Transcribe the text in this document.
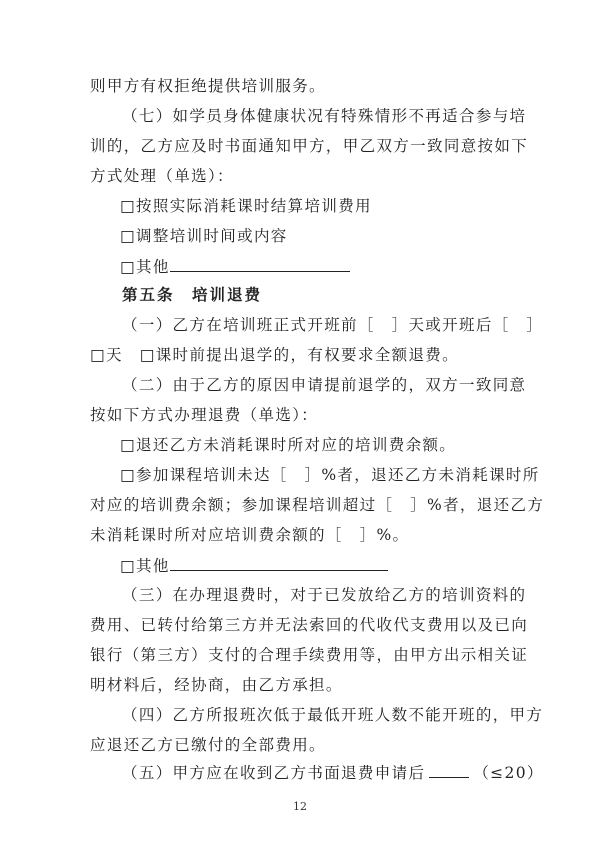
则甲方有权拒绝提供培训服务。
（七）如学员身体健康状况有特殊情形不再适合参与培
训的，乙方应及时书面通知甲方，甲乙双方一致同意按如下
方式处理（单选）：
□按照实际消耗课时结算培训费用
□调整培训时间或内容
□其他
第五条　培训退费
（一）乙方在培训班正式开班前［　］天或开班后［　］
□天　□课时前提出退学的，有权要求全额退费。
（二）由于乙方的原因申请提前退学的，双方一致同意
按如下方式办理退费（单选）：
□退还乙方未消耗课时所对应的培训费余额。
□参加课程培训未达［　］%者，退还乙方未消耗课时所
对应的培训费余额；参加课程培训超过［　］%者，退还乙方
未消耗课时所对应培训费余额的［　］%。
□其他
（三）在办理退费时，对于已发放给乙方的培训资料的
费用、已转付给第三方并无法索回的代收代支费用以及已向
银行（第三方）支付的合理手续费用等，由甲方出示相关证
明材料后，经协商，由乙方承担。
（四）乙方所报班次低于最低开班人数不能开班的，甲方
应退还乙方已缴付的全部费用。
（五）甲方应在收到乙方书面退费申请后	（≤20）
12
